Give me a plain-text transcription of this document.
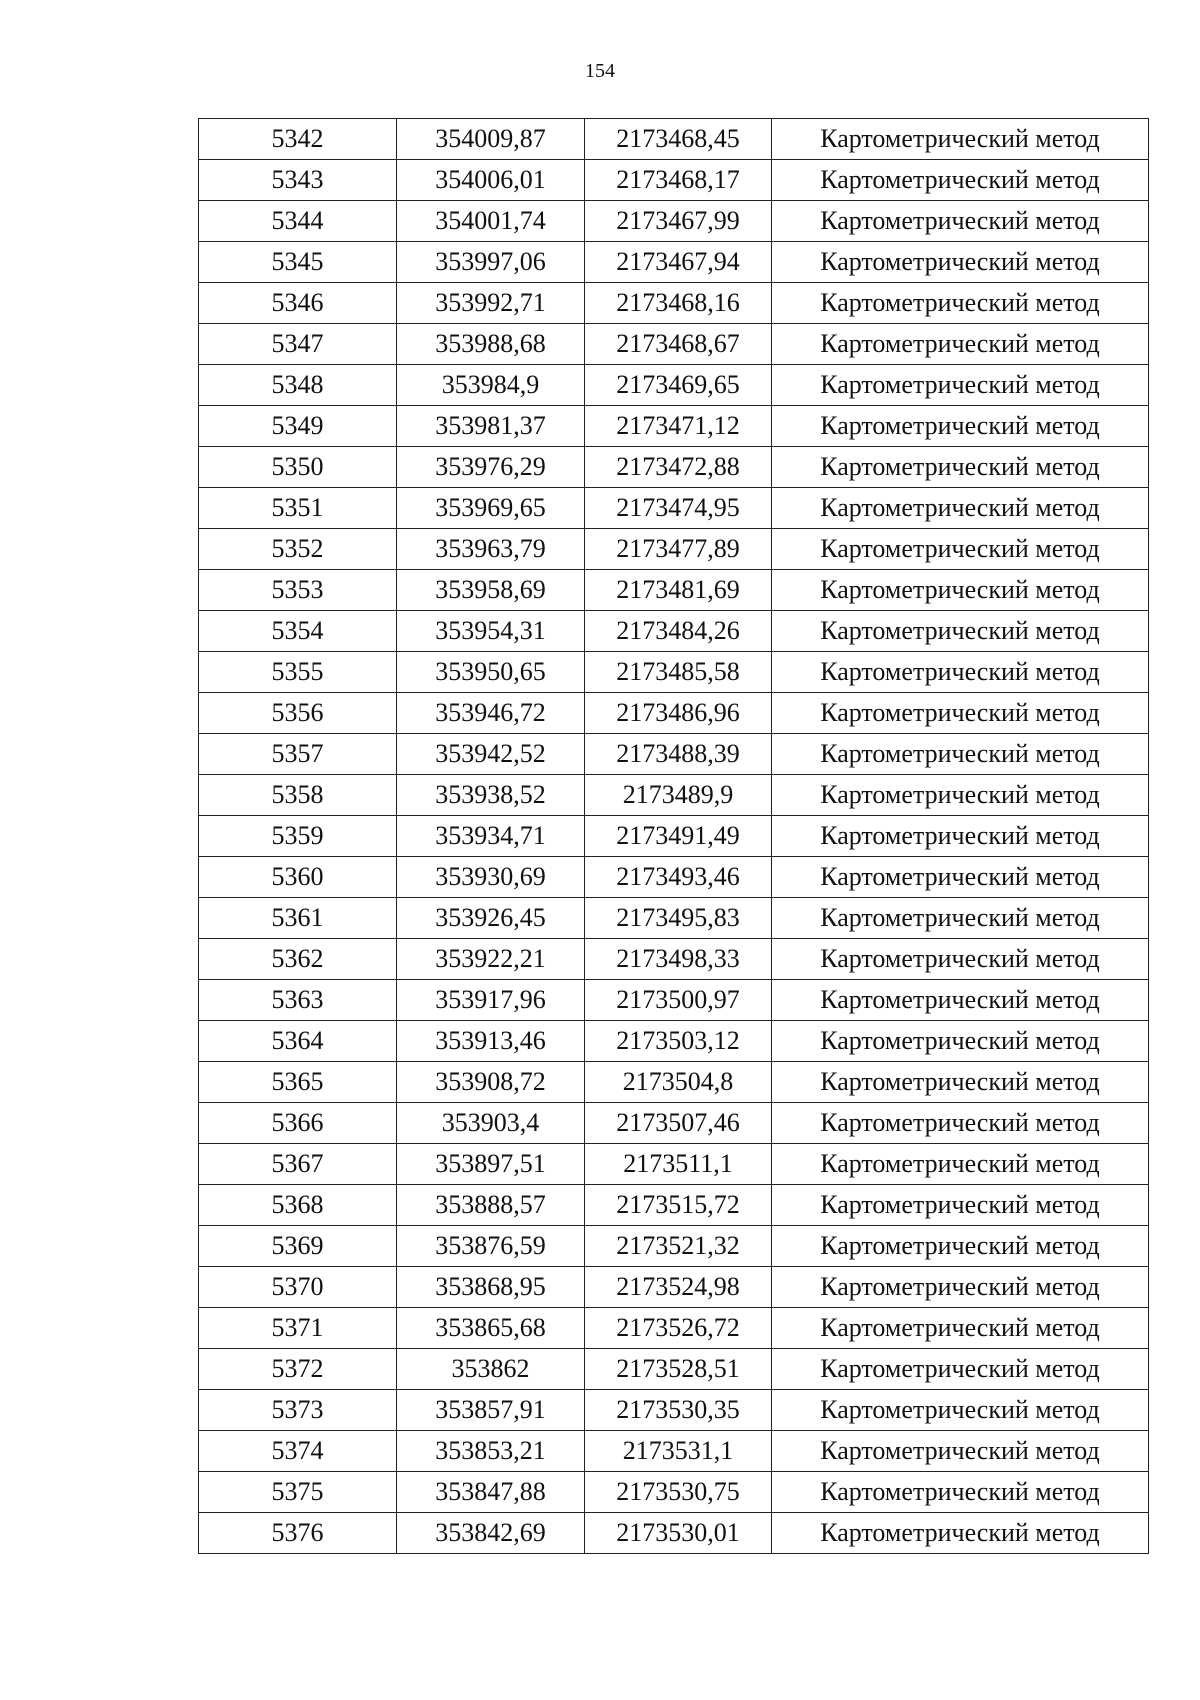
154
5342	354009,87	2173468,45	Картометрический метод
5343	354006,01	2173468,17	Картометрический метод
5344	354001,74	2173467,99	Картометрический метод
5345	353997,06	2173467,94	Картометрический метод
5346	353992,71	2173468,16	Картометрический метод
5347	353988,68	2173468,67	Картометрический метод
5348	353984,9	2173469,65	Картометрический метод
5349	353981,37	2173471,12	Картометрический метод
5350	353976,29	2173472,88	Картометрический метод
5351	353969,65	2173474,95	Картометрический метод
5352	353963,79	2173477,89	Картометрический метод
5353	353958,69	2173481,69	Картометрический метод
5354	353954,31	2173484,26	Картометрический метод
5355	353950,65	2173485,58	Картометрический метод
5356	353946,72	2173486,96	Картометрический метод
5357	353942,52	2173488,39	Картометрический метод
5358	353938,52	2173489,9	Картометрический метод
5359	353934,71	2173491,49	Картометрический метод
5360	353930,69	2173493,46	Картометрический метод
5361	353926,45	2173495,83	Картометрический метод
5362	353922,21	2173498,33	Картометрический метод
5363	353917,96	2173500,97	Картометрический метод
5364	353913,46	2173503,12	Картометрический метод
5365	353908,72	2173504,8	Картометрический метод
5366	353903,4	2173507,46	Картометрический метод
5367	353897,51	2173511,1	Картометрический метод
5368	353888,57	2173515,72	Картометрический метод
5369	353876,59	2173521,32	Картометрический метод
5370	353868,95	2173524,98	Картометрический метод
5371	353865,68	2173526,72	Картометрический метод
5372	353862	2173528,51	Картометрический метод
5373	353857,91	2173530,35	Картометрический метод
5374	353853,21	2173531,1	Картометрический метод
5375	353847,88	2173530,75	Картометрический метод
5376	353842,69	2173530,01	Картометрический метод
